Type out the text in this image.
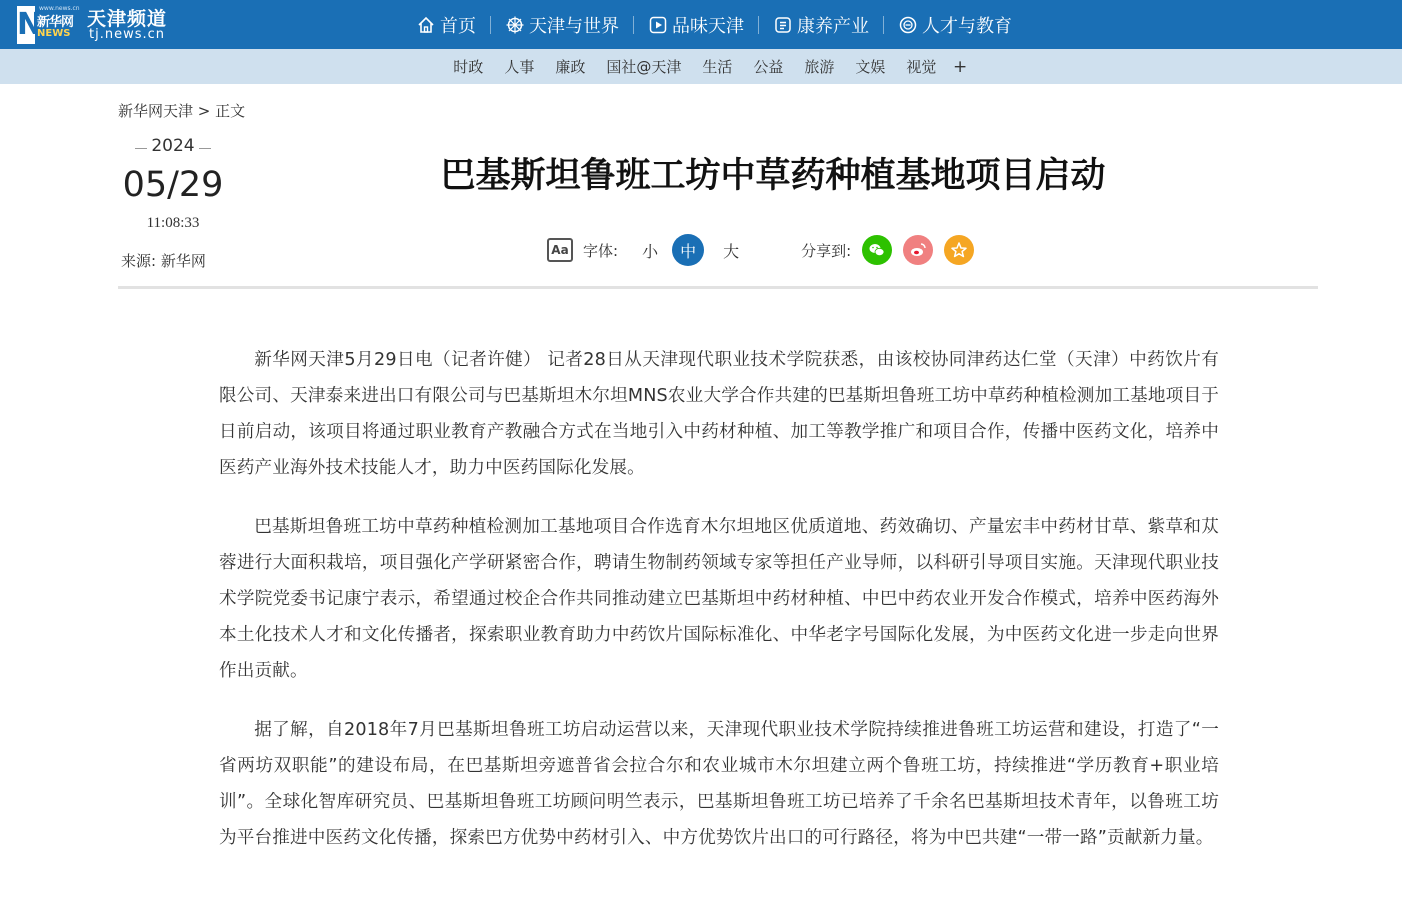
N
www.news.cn
新华网
NEWS
天津频道
tj.news.cn	首页	天津与世界	品味天津	康养产业	人才与教育
时政 人事 廉政 国社@天津 生活 公益 旅游 文娱 视觉 +
新华网天津 > 正文
2024
05/29
11:08:33
来源: 新华网
巴基斯坦鲁班工坊中草药种植基地项目启动
Aa 字体: 小	中	大	分享到:

新华网天津5月29日电（记者许健） 记者28日从天津现代职业技术学院获悉，由该校协同津药达仁堂（天津）中药饮片有限公司、天津泰来进出口有限公司与巴基斯坦木尔坦MNS农业大学合作共建的巴基斯坦鲁班工坊中草药种植检测加工基地项目于日前启动，该项目将通过职业教育产教融合方式在当地引入中药材种植、加工等教学推广和项目合作，传播中医药文化，培养中医药产业海外技术技能人才，助力中医药国际化发展。

巴基斯坦鲁班工坊中草药种植检测加工基地项目合作选育木尔坦地区优质道地、药效确切、产量宏丰中药材甘草、紫草和苁蓉进行大面积栽培，项目强化产学研紧密合作，聘请生物制药领域专家等担任产业导师，以科研引导项目实施。天津现代职业技术学院党委书记康宁表示，希望通过校企合作共同推动建立巴基斯坦中药材种植、中巴中药农业开发合作模式，培养中医药海外本土化技术人才和文化传播者，探索职业教育助力中药饮片国际标准化、中华老字号国际化发展，为中医药文化进一步走向世界作出贡献。

据了解，自2018年7月巴基斯坦鲁班工坊启动运营以来，天津现代职业技术学院持续推进鲁班工坊运营和建设，打造了“一省两坊双职能”的建设布局，在巴基斯坦旁遮普省会拉合尔和农业城市木尔坦建立两个鲁班工坊，持续推进“学历教育+职业培训”。全球化智库研究员、巴基斯坦鲁班工坊顾问明竺表示，巴基斯坦鲁班工坊已培养了千余名巴基斯坦技术青年，以鲁班工坊为平台推进中医药文化传播，探索巴方优势中药材引入、中方优势饮片出口的可行路径，将为中巴共建“一带一路”贡献新力量。
